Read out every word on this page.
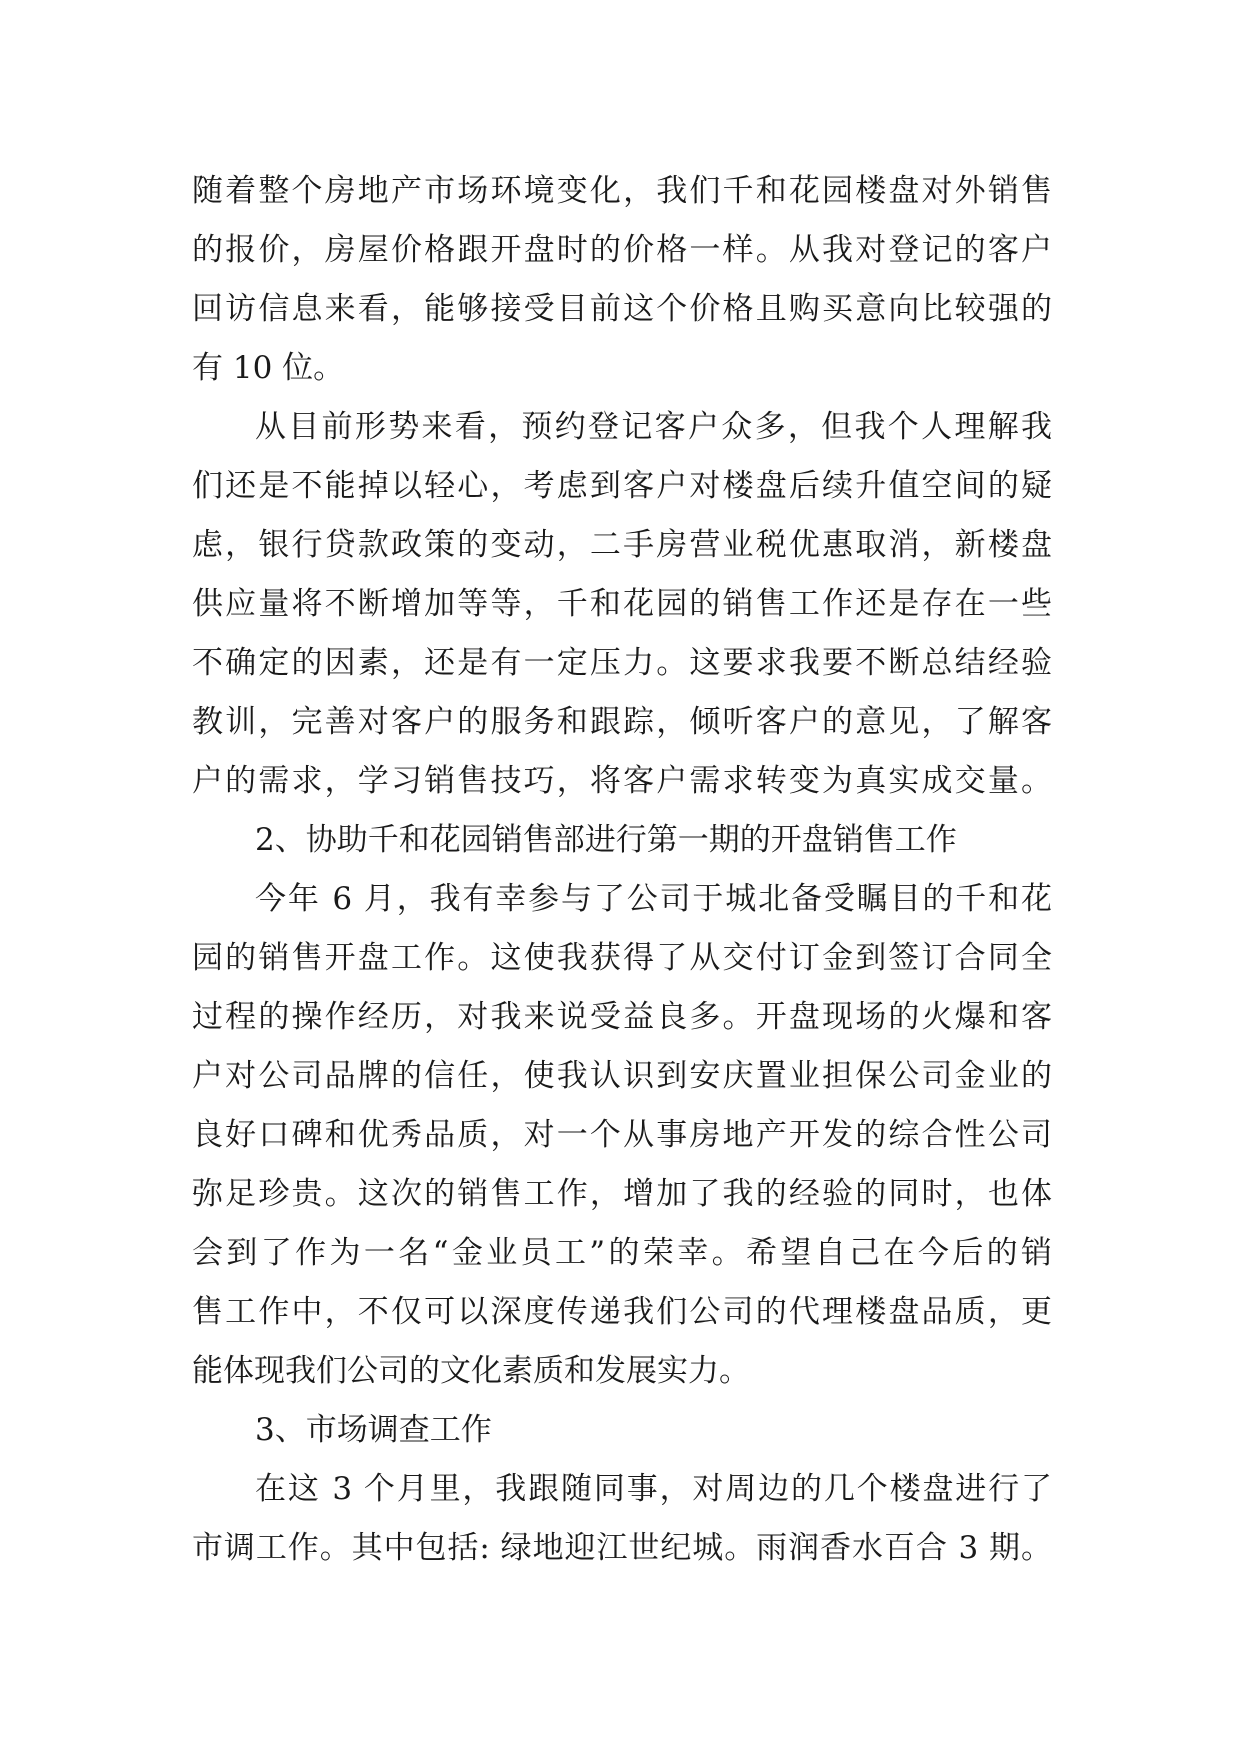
随着整个房地产市场环境变化，我们千和花园楼盘对外销售
的报价，房屋价格跟开盘时的价格一样。从我对登记的客户
回访信息来看，能够接受目前这个价格且购买意向比较强的
有 10 位。
从目前形势来看，预约登记客户众多，但我个人理解我
们还是不能掉以轻心，考虑到客户对楼盘后续升值空间的疑
虑，银行贷款政策的变动，二手房营业税优惠取消，新楼盘
供应量将不断增加等等，千和花园的销售工作还是存在一些
不确定的因素，还是有一定压力。这要求我要不断总结经验
教训，完善对客户的服务和跟踪，倾听客户的意见，了解客
户的需求，学习销售技巧，将客户需求转变为真实成交量。
2、协助千和花园销售部进行第一期的开盘销售工作
今年 6 月，我有幸参与了公司于城北备受瞩目的千和花
园的销售开盘工作。这使我获得了从交付订金到签订合同全
过程的操作经历，对我来说受益良多。开盘现场的火爆和客
户对公司品牌的信任，使我认识到安庆置业担保公司金业的
良好口碑和优秀品质，对一个从事房地产开发的综合性公司
弥足珍贵。这次的销售工作，增加了我的经验的同时，也体
会到了作为一名“金业员工”的荣幸。希望自己在今后的销
售工作中，不仅可以深度传递我们公司的代理楼盘品质，更
能体现我们公司的文化素质和发展实力。
3、市场调查工作
在这 3 个月里，我跟随同事，对周边的几个楼盘进行了
市调工作。其中包括: 绿地迎江世纪城。雨润香水百合 3 期。
